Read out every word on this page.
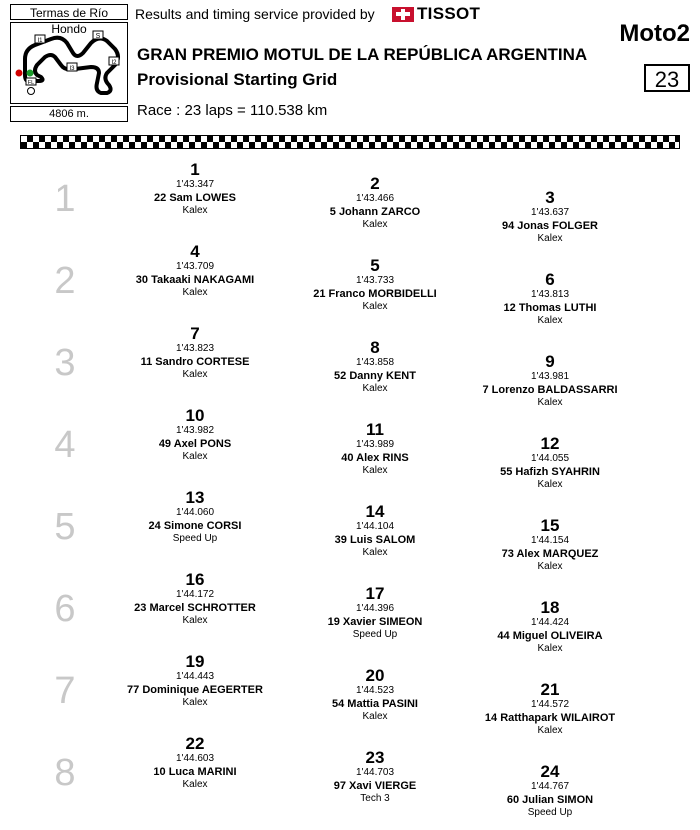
Termas de Río Hondo
S
I1
I2
I3
FL
4806 m.
Results and timing service provided by TISSOT
Moto2
GRAN PREMIO MOTUL DE LA REPÚBLICA ARGENTINA
Provisional Starting Grid	23
Race : 23 laps = 110.538 km
1
2
3
4
5
6
7
8
1
1'43.347
22 Sam LOWES
Kalex
2
1'43.466
5 Johann ZARCO
Kalex
3
1'43.637
94 Jonas FOLGER
Kalex
4
1'43.709
30 Takaaki NAKAGAMI
Kalex
5
1'43.733
21 Franco MORBIDELLI
Kalex
6
1'43.813
12 Thomas LUTHI
Kalex
7
1'43.823
11 Sandro CORTESE
Kalex
8
1'43.858
52 Danny KENT
Kalex
9
1'43.981
7 Lorenzo BALDASSARRI
Kalex
10
1'43.982
49 Axel PONS
Kalex
11
1'43.989
40 Alex RINS
Kalex
12
1'44.055
55 Hafizh SYAHRIN
Kalex
13
1'44.060
24 Simone CORSI
Speed Up
14
1'44.104
39 Luis SALOM
Kalex
15
1'44.154
73 Alex MARQUEZ
Kalex
16
1'44.172
23 Marcel SCHROTTER
Kalex
17
1'44.396
19 Xavier SIMEON
Speed Up
18
1'44.424
44 Miguel OLIVEIRA
Kalex
19
1'44.443
77 Dominique AEGERTER
Kalex
20
1'44.523
54 Mattia PASINI
Kalex
21
1'44.572
14 Ratthapark WILAIROT
Kalex
22
1'44.603
10 Luca MARINI
Kalex
23
1'44.703
97 Xavi VIERGE
Tech 3
24
1'44.767
60 Julian SIMON
Speed Up
